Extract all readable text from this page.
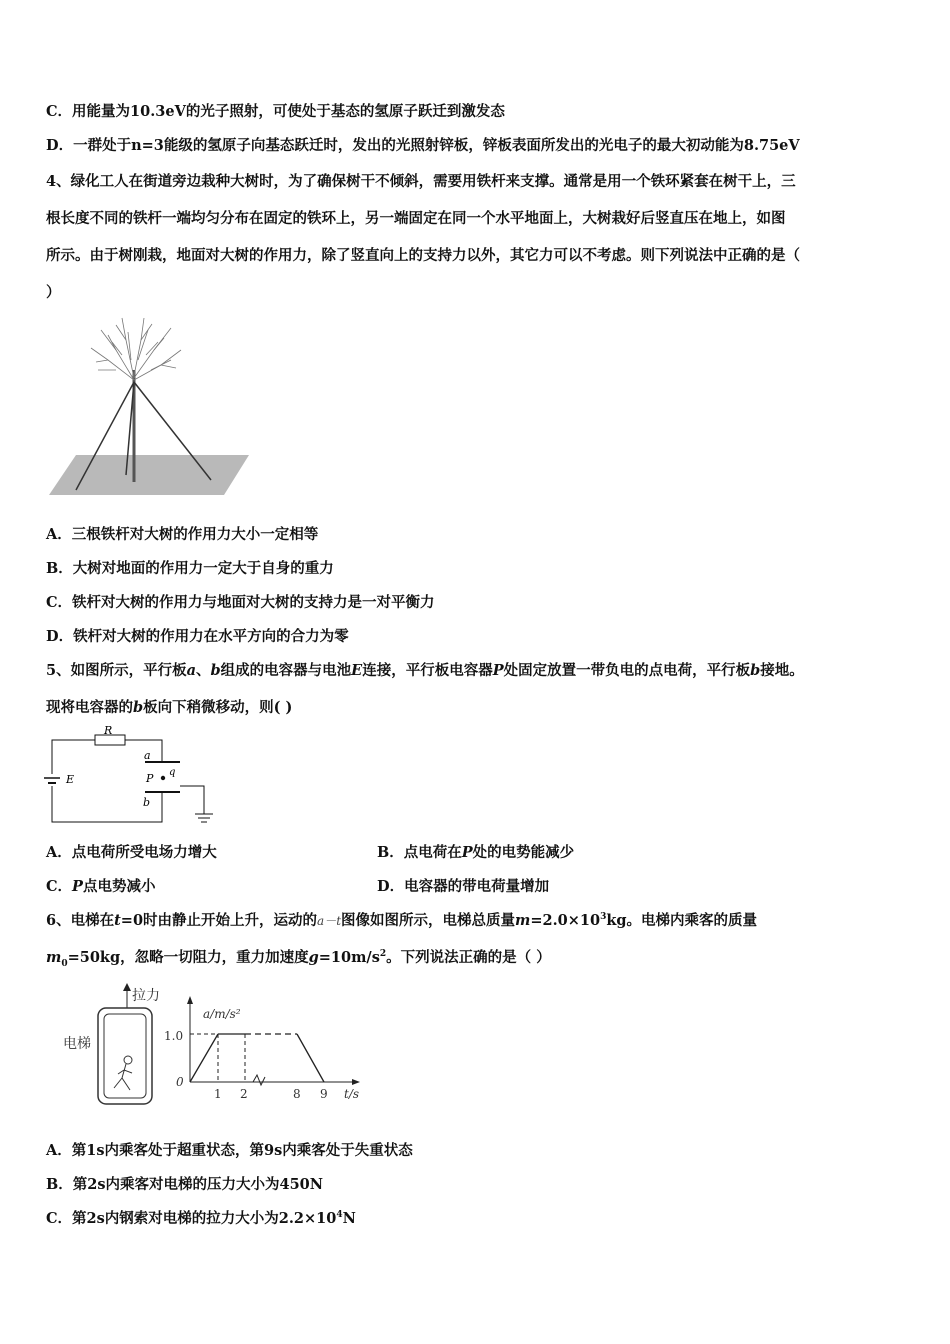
C．用能量为10.3eV的光子照射，可使处于基态的氢原子跃迁到激发态
D．一群处于n=3能级的氢原子向基态跃迁时，发出的光照射锌板，锌板表面所发出的光电子的最大初动能为8.75eV
4、绿化工人在街道旁边栽种大树时，为了确保树干不倾斜，需要用铁杆来支撑。通常是用一个铁环紧套在树干上，三
根长度不同的铁杆一端均匀分布在固定的铁环上，另一端固定在同一个水平地面上，大树栽好后竖直压在地上，如图
所示。由于树刚栽，地面对大树的作用力，除了竖直向上的支持力以外，其它力可以不考虑。则下列说法中正确的是（
）
A．三根铁杆对大树的作用力大小一定相等
B．大树对地面的作用力一定大于自身的重力
C．铁杆对大树的作用力与地面对大树的支持力是一对平衡力
D．铁杆对大树的作用力在水平方向的合力为零
5、如图所示，平行板a、b组成的电容器与电池E连接，平行板电容器P处固定放置一带负电的点电荷，平行板b接地。
现将电容器的b板向下稍微移动，则( )
R
a
q
P
E
b
A．点电荷所受电场力增大	B．点电荷在P处的电势能减少
C．P点电势减小	D．电容器的带电荷量增加
6、电梯在t=0时由静止开始上升，运动的a－t图像如图所示，电梯总质量$m=2.0\times 10^3kg$。电梯内乘客的质量
$m_0=50kg$，忽略一切阻力，重力加速度$g=10m/s^2$。下列说法正确的是（ ）
拉力
电梯
a/m/s²
1.0
0
1 2	8 9 t/s
A．第1s内乘客处于超重状态，第9s内乘客处于失重状态
B．第2s内乘客对电梯的压力大小为450N
C．第2s内钢索对电梯的拉力大小为$2.2\times 10^4N$
